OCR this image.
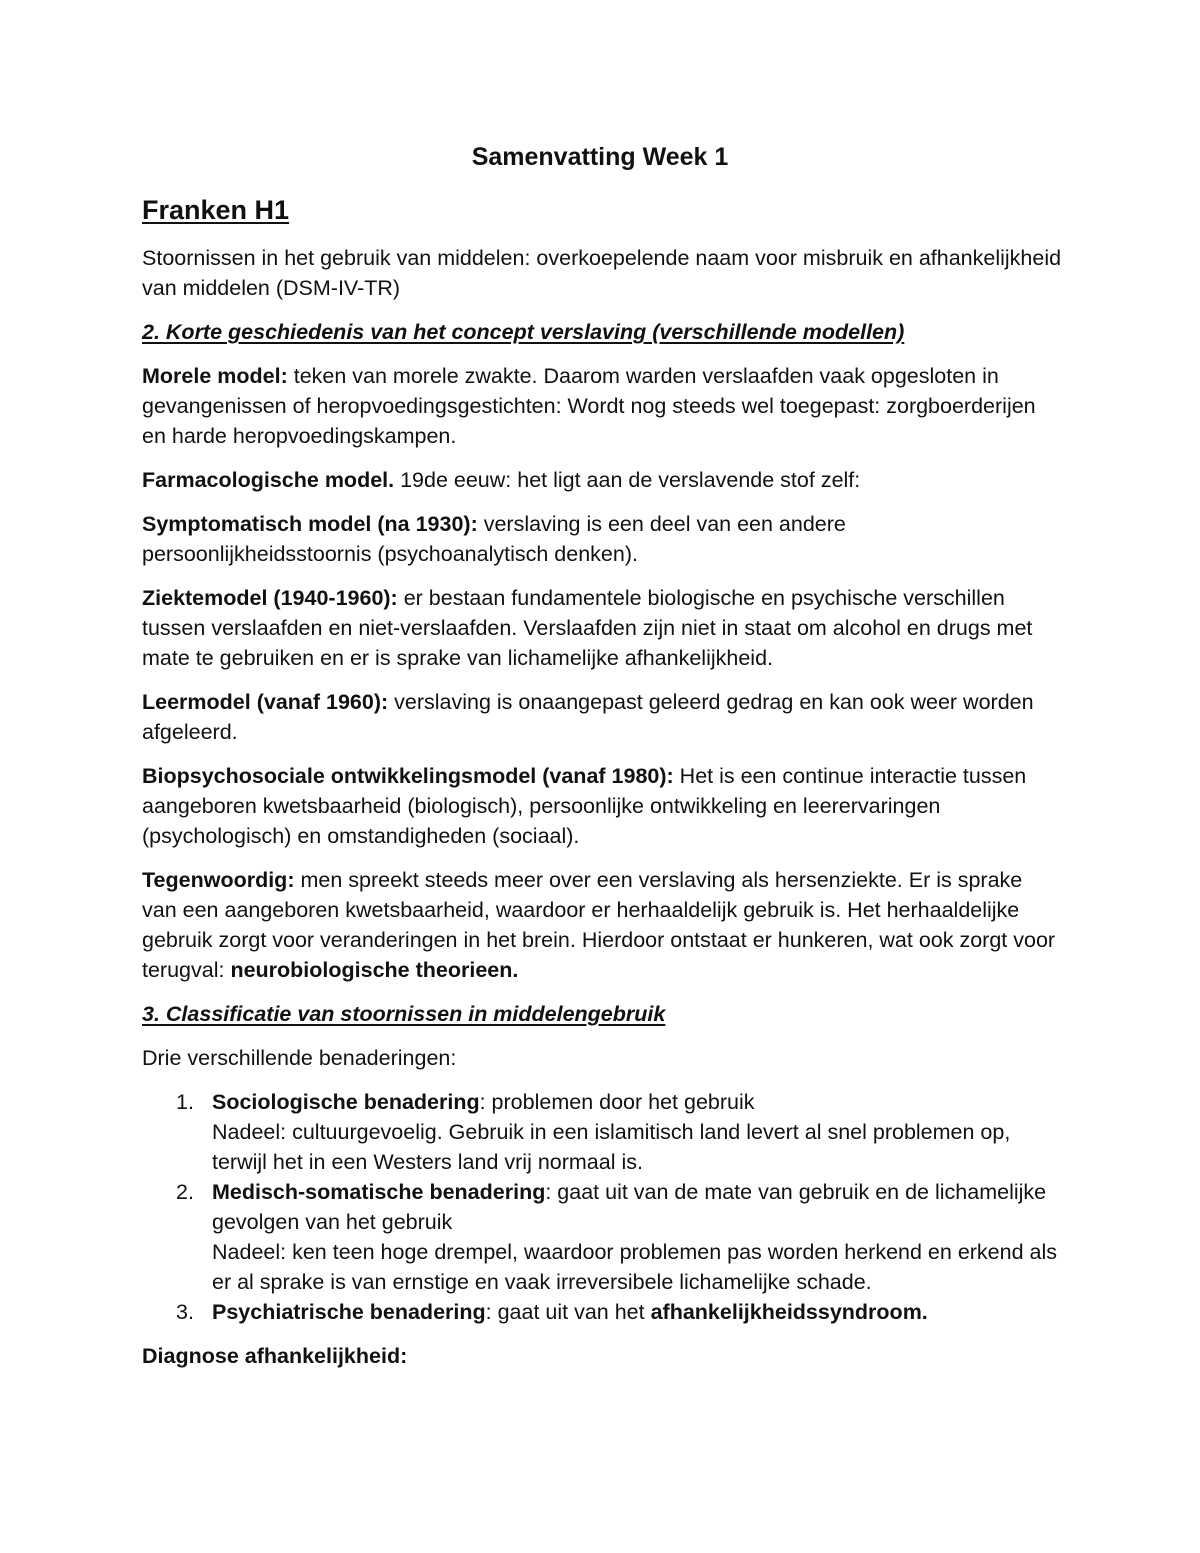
Samenvatting Week 1
Franken H1

Stoornissen in het gebruik van middelen: overkoepelende naam voor misbruik en afhankelijkheid van middelen (DSM-IV-TR)

2. Korte geschiedenis van het concept verslaving (verschillende modellen)

Morele model: teken van morele zwakte. Daarom warden verslaafden vaak opgesloten in gevangenissen of heropvoedingsgestichten: Wordt nog steeds wel toegepast: zorgboerderijen en harde heropvoedingskampen.

Farmacologische model. 19de eeuw: het ligt aan de verslavende stof zelf:

Symptomatisch model (na 1930): verslaving is een deel van een andere persoonlijkheidsstoornis (psychoanalytisch denken).

Ziektemodel (1940-1960): er bestaan fundamentele biologische en psychische verschillen tussen verslaafden en niet-verslaafden. Verslaafden zijn niet in staat om alcohol en drugs met mate te gebruiken en er is sprake van lichamelijke afhankelijkheid.

Leermodel (vanaf 1960): verslaving is onaangepast geleerd gedrag en kan ook weer worden afgeleerd.

Biopsychosociale ontwikkelingsmodel (vanaf 1980): Het is een continue interactie tussen aangeboren kwetsbaarheid (biologisch), persoonlijke ontwikkeling en leerervaringen (psychologisch) en omstandigheden (sociaal).

Tegenwoordig: men spreekt steeds meer over een verslaving als hersenziekte. Er is sprake van een aangeboren kwetsbaarheid, waardoor er herhaaldelijk gebruik is. Het herhaaldelijke gebruik zorgt voor veranderingen in het brein. Hierdoor ontstaat er hunkeren, wat ook zorgt voor terugval: neurobiologische theorieen.

3. Classificatie van stoornissen in middelengebruik

Drie verschillende benaderingen:

1. Sociologische benadering: problemen door het gebruik
Nadeel: cultuurgevoelig. Gebruik in een islamitisch land levert al snel problemen op, terwijl het in een Westers land vrij normaal is.
2. Medisch-somatische benadering: gaat uit van de mate van gebruik en de lichamelijke gevolgen van het gebruik
Nadeel: ken teen hoge drempel, waardoor problemen pas worden herkend en erkend als er al sprake is van ernstige en vaak irreversibele lichamelijke schade.
3. Psychiatrische benadering: gaat uit van het afhankelijkheidssyndroom.

Diagnose afhankelijkheid:
